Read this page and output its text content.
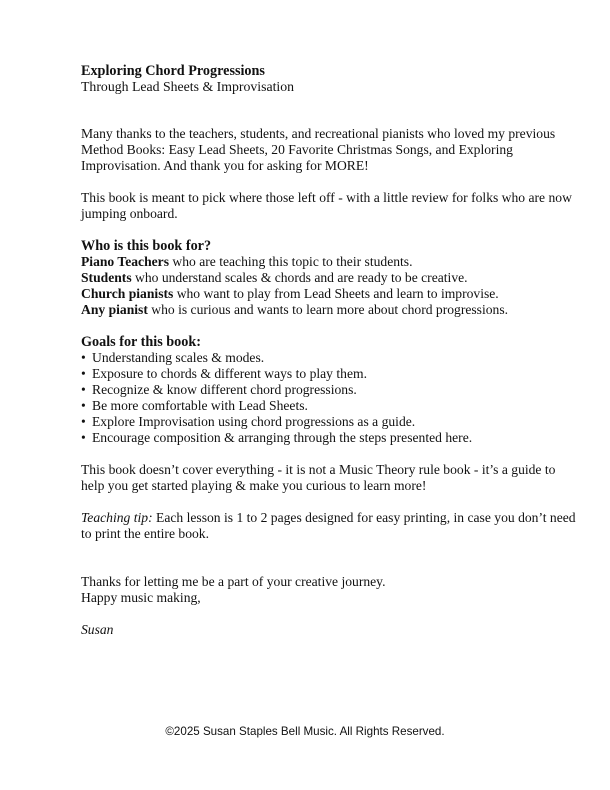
Exploring Chord Progressions

Through Lead Sheets & Improvisation

Many thanks to the teachers, students, and recreational pianists who loved my previous Method Books: Easy Lead Sheets, 20 Favorite Christmas Songs, and Exploring Improvisation. And thank you for asking for MORE!

This book is meant to pick where those left off - with a little review for folks who are now jumping onboard.

Who is this book for?

Piano Teachers who are teaching this topic to their students.

Students who understand scales & chords and are ready to be creative.

Church pianists who want to play from Lead Sheets and learn to improvise.

Any pianist who is curious and wants to learn more about chord progressions.

Goals for this book:

• Understanding scales & modes.
• Exposure to chords & different ways to play them.
• Recognize & know different chord progressions.
• Be more comfortable with Lead Sheets.
• Explore Improvisation using chord progressions as a guide.
• Encourage composition & arranging through the steps presented here.

This book doesn’t cover everything - it is not a Music Theory rule book - it’s a guide to help you get started playing & make you curious to learn more!

Teaching tip: Each lesson is 1 to 2 pages designed for easy printing, in case you don’t need to print the entire book.

Thanks for letting me be a part of your creative journey.

Happy music making,

Susan

©2025 Susan Staples Bell Music. All Rights Reserved.
